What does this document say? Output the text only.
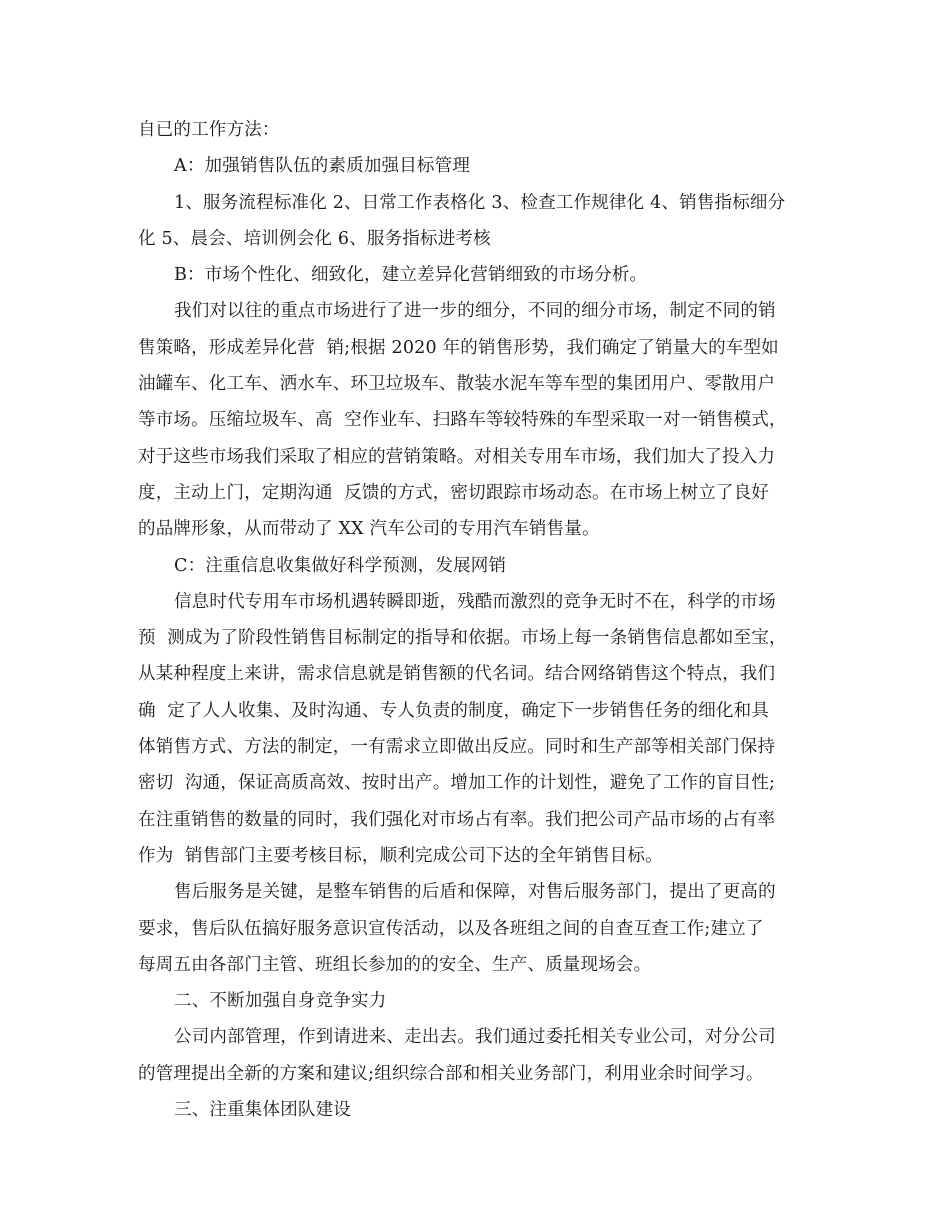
自已的工作方法：
A：加强销售队伍的素质加强目标管理
1、服务流程标准化 2、日常工作表格化 3、检查工作规律化 4、销售指标细分
化 5、晨会、培训例会化 6、服务指标进考核
B：市场个性化、细致化，建立差异化营销细致的市场分析。
我们对以往的重点市场进行了进一步的细分，不同的细分市场，制定不同的销
售策略，形成差异化营  销;根据 2020 年的销售形势，我们确定了销量大的车型如
油罐车、化工车、洒水车、环卫垃圾车、散装水泥车等车型的集团用户、零散用户
等市场。压缩垃圾车、高  空作业车、扫路车等较特殊的车型采取一对一销售模式，
对于这些市场我们采取了相应的营销策略。对相关专用车市场，我们加大了投入力
度，主动上门，定期沟通  反馈的方式，密切跟踪市场动态。在市场上树立了良好
的品牌形象，从而带动了 XX 汽车公司的专用汽车销售量。
C：注重信息收集做好科学预测，发展网销
信息时代专用车市场机遇转瞬即逝，残酷而激烈的竞争无时不在，科学的市场
预  测成为了阶段性销售目标制定的指导和依据。市场上每一条销售信息都如至宝，
从某种程度上来讲，需求信息就是销售额的代名词。结合网络销售这个特点，我们
确  定了人人收集、及时沟通、专人负责的制度，确定下一步销售任务的细化和具
体销售方式、方法的制定，一有需求立即做出反应。同时和生产部等相关部门保持
密切  沟通，保证高质高效、按时出产。增加工作的计划性，避免了工作的盲目性;
在注重销售的数量的同时，我们强化对市场占有率。我们把公司产品市场的占有率
作为  销售部门主要考核目标，顺利完成公司下达的全年销售目标。
售后服务是关键，是整车销售的后盾和保障，对售后服务部门，提出了更高的
要求，售后队伍搞好服务意识宣传活动，以及各班组之间的自查互查工作;建立了
每周五由各部门主管、班组长参加的的安全、生产、质量现场会。
二、不断加强自身竞争实力
公司内部管理，作到请进来、走出去。我们通过委托相关专业公司，对分公司
的管理提出全新的方案和建议;组织综合部和相关业务部门，利用业余时间学习。
三、注重集体团队建设
